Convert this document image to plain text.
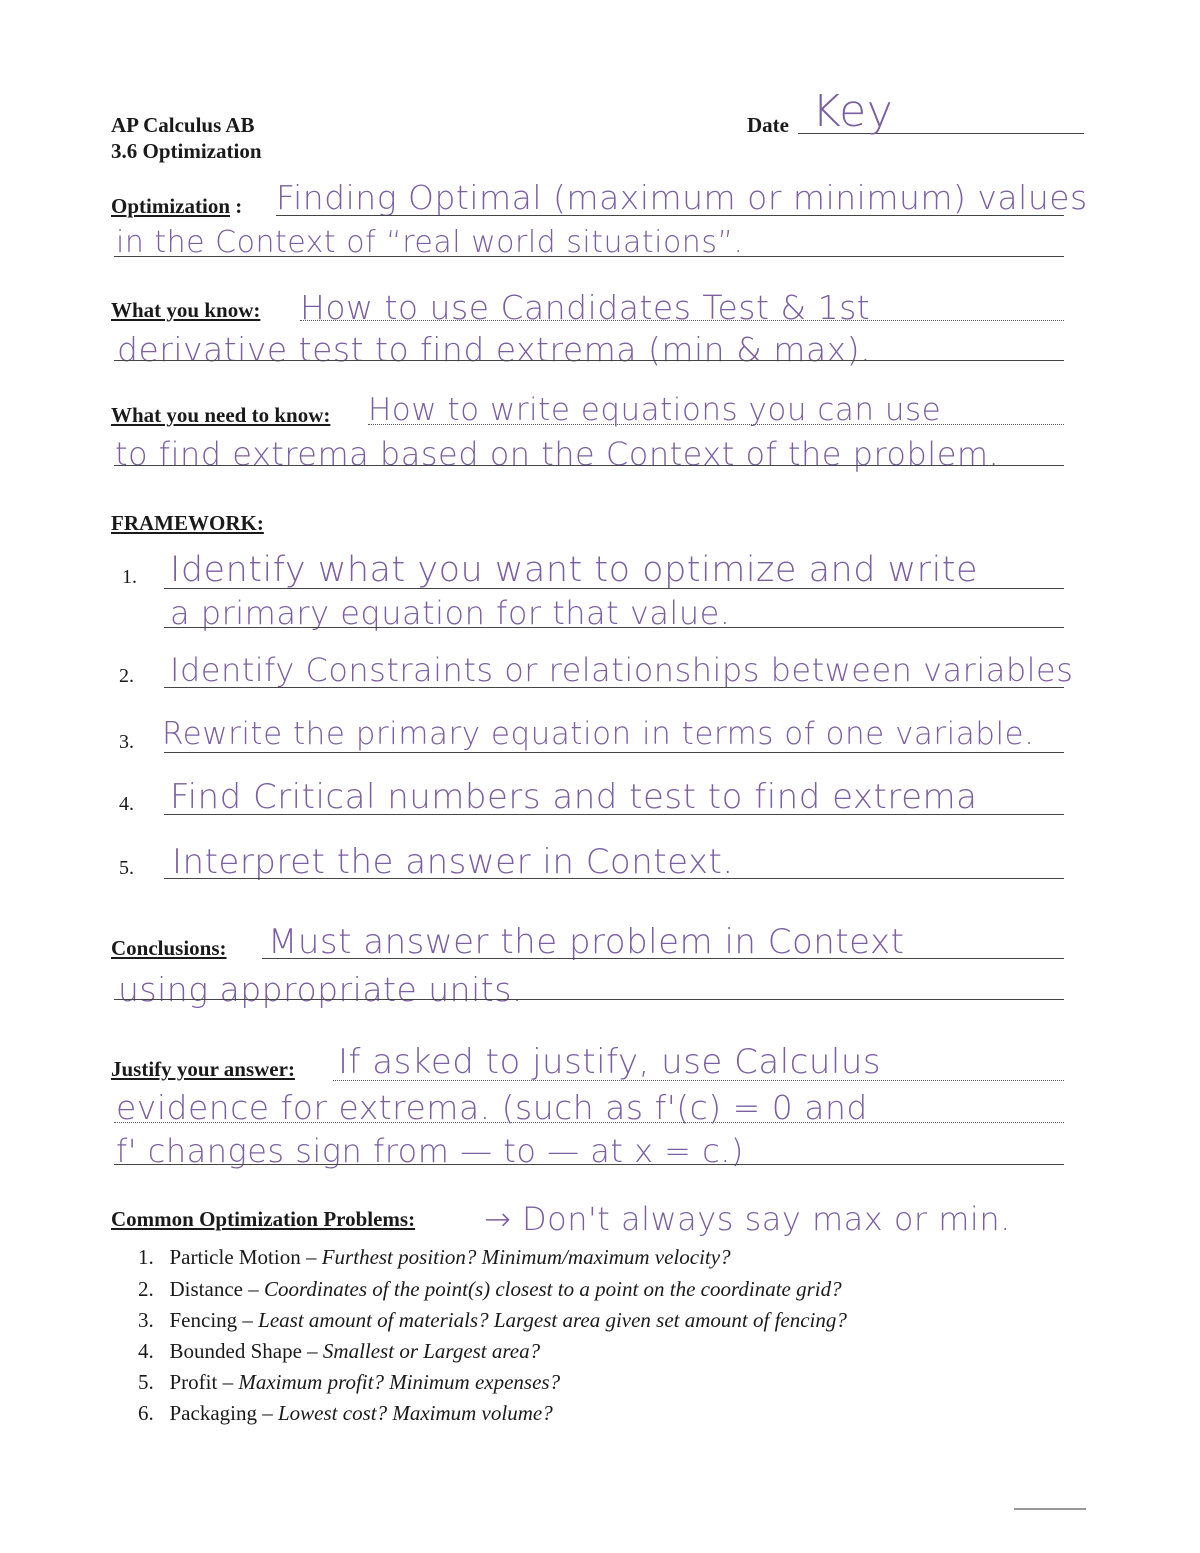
AP Calculus AB
3.6 Optimization
Date Key
Optimization : Finding Optimal (maximum or minimum) values
in the Context of “real world situations”.
What you know: How to use Candidates Test & 1st
derivative test to find extrema (min & max).
What you need to know: How to write equations you can use
to find extrema based on the Context of the problem.
FRAMEWORK:
1. Identify what you want to optimize and write
a primary equation for that value.
2. Identify Constraints or relationships between variables
3. Rewrite the primary equation in terms of one variable.
4. Find Critical numbers and test to find extrema
5. Interpret the answer in Context.
Conclusions: Must answer the problem in Context
using appropriate units.
Justify your answer: If asked to justify, use Calculus
evidence for extrema. (such as f'(c) = 0 and
f' changes sign from — to — at x = c.)
Common Optimization Problems: → Don't always say max or min.
1. Particle Motion – Furthest position? Minimum/maximum velocity?
2. Distance – Coordinates of the point(s) closest to a point on the coordinate grid?
3. Fencing – Least amount of materials? Largest area given set amount of fencing?
4. Bounded Shape – Smallest or Largest area?
5. Profit – Maximum profit? Minimum expenses?
6. Packaging – Lowest cost? Maximum volume?
